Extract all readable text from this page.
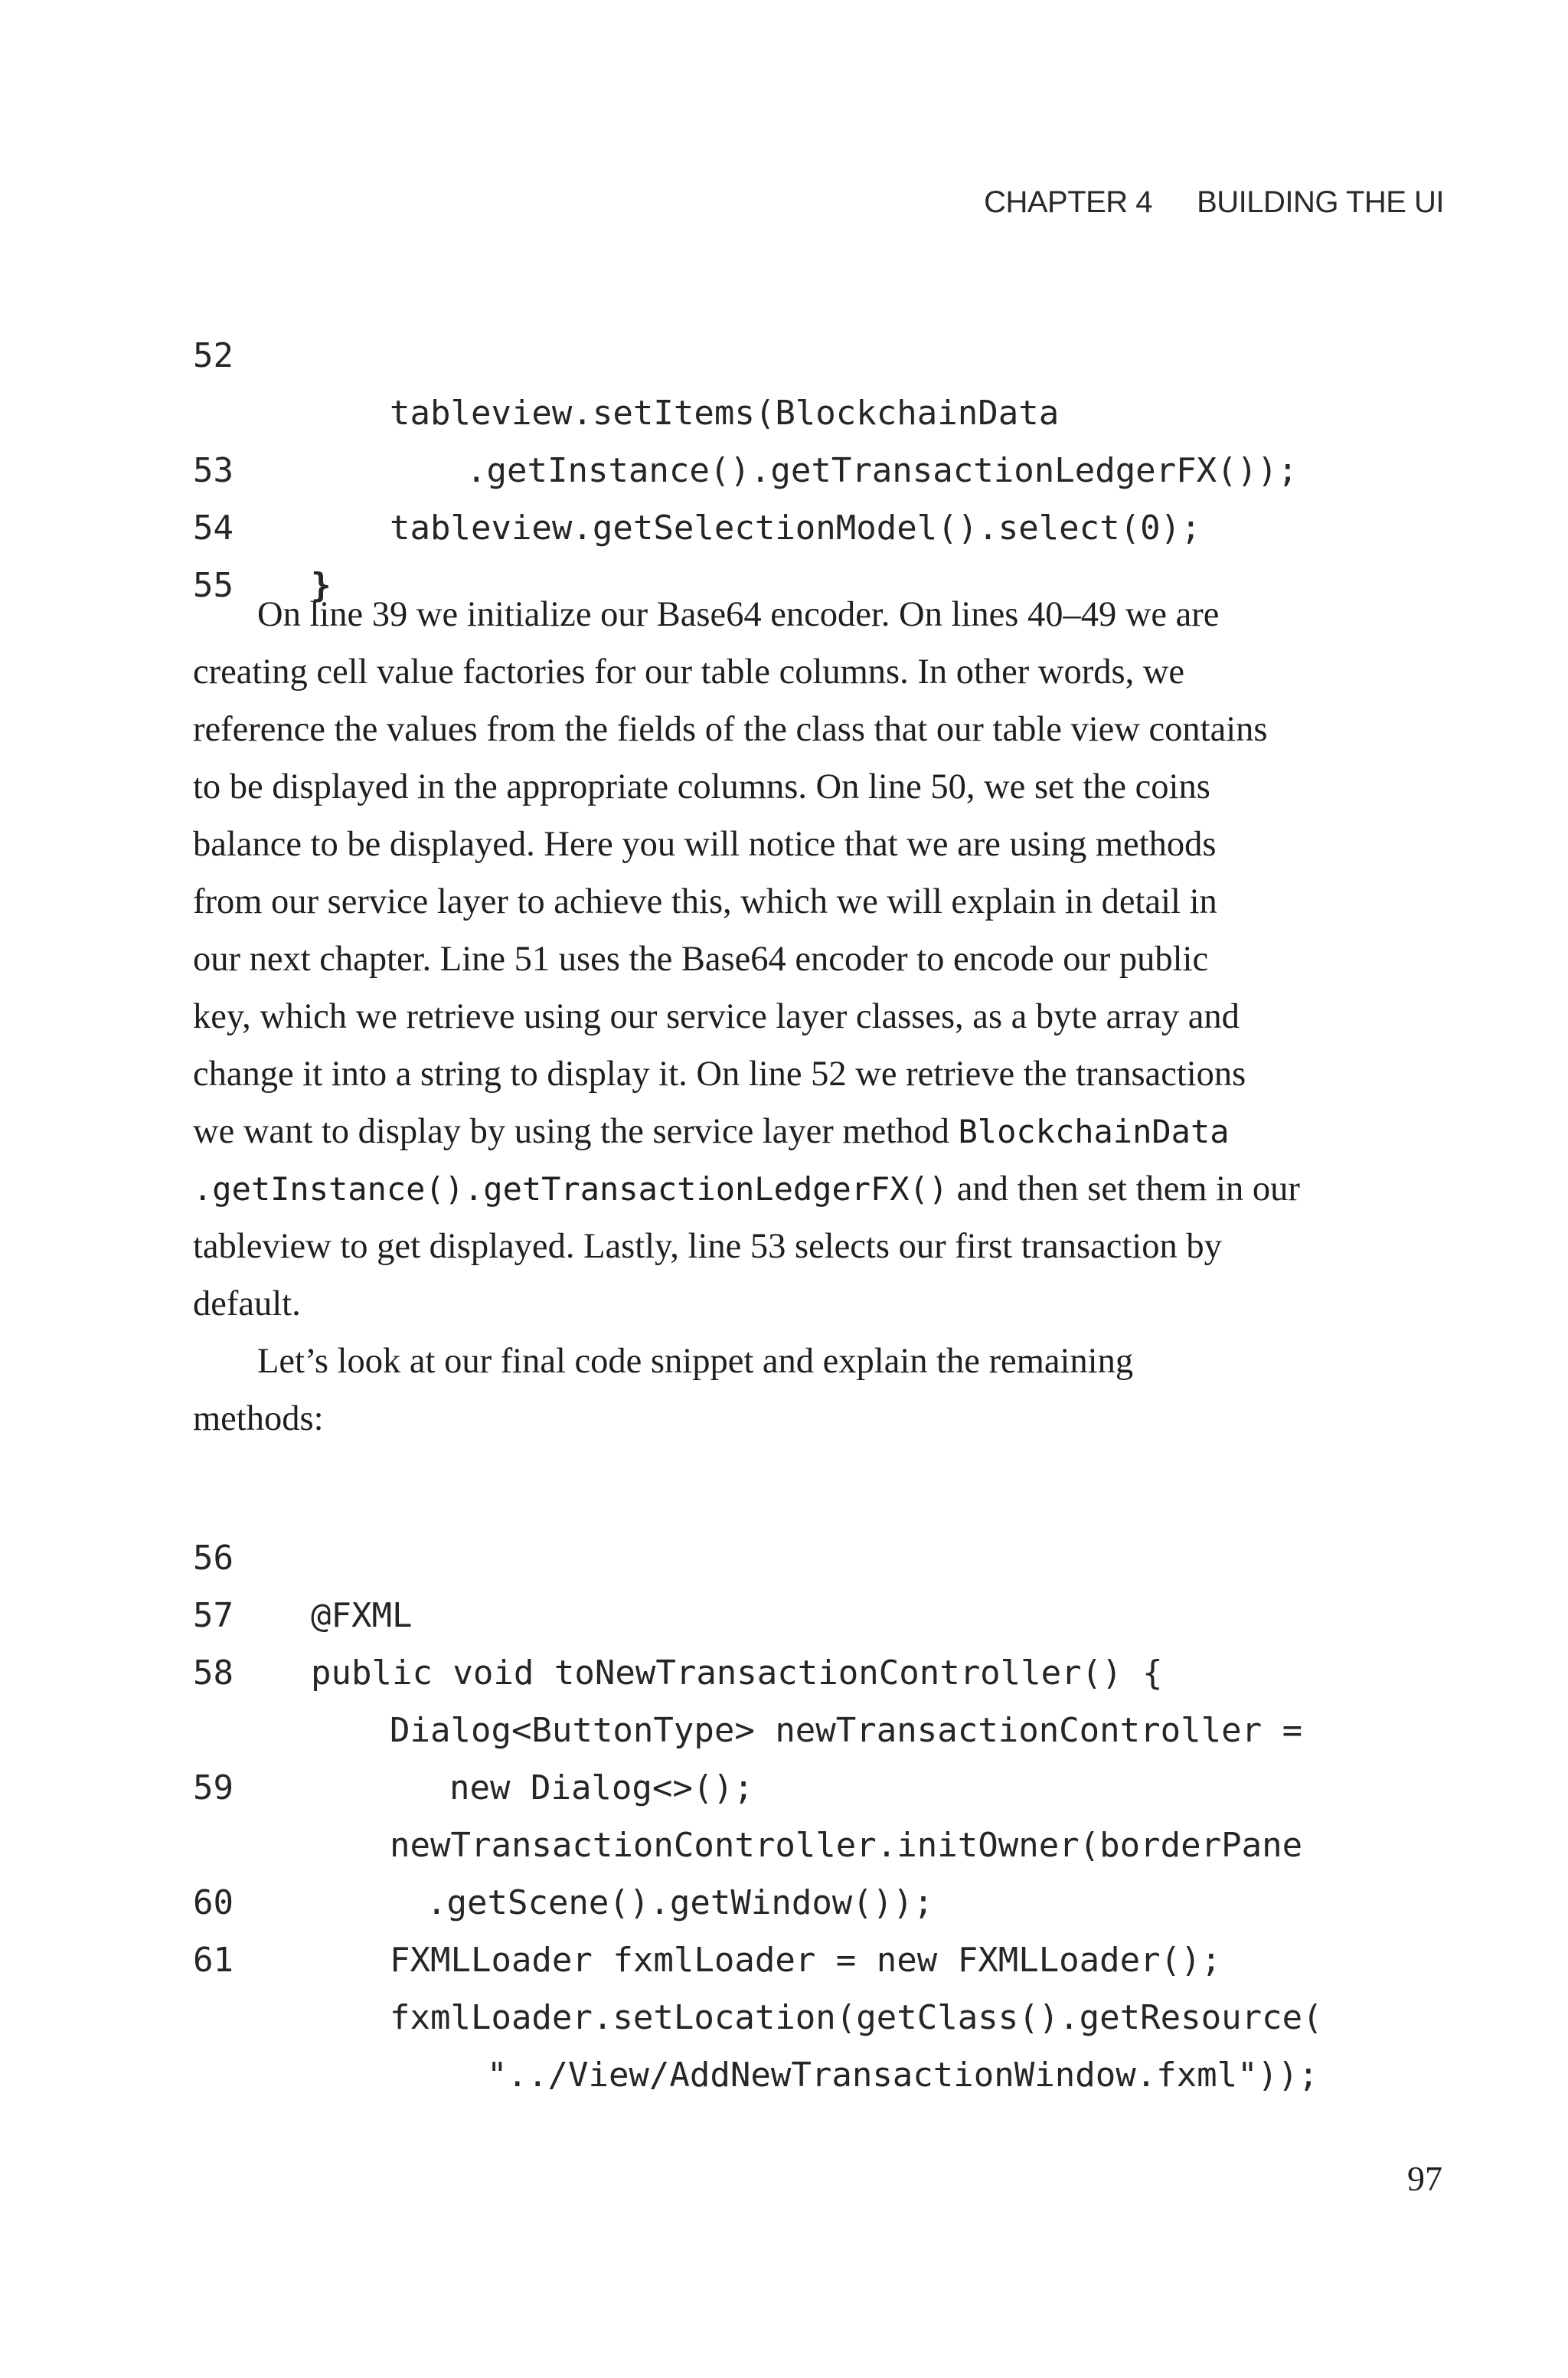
CHAPTER 4 BUILDING THE UI

52

tableview.setItems(BlockchainData

.getInstance().getTransactionLedgerFX());

53

tableview.getSelectionModel().select(0);

54

}

55

On line 39 we initialize our Base64 encoder. On lines 40–49 we are
creating cell value factories for our table columns. In other words, we
reference the values from the fields of the class that our table view contains
to be displayed in the appropriate columns. On line 50, we set the coins
balance to be displayed. Here you will notice that we are using methods
from our service layer to achieve this, which we will explain in detail in
our next chapter. Line 51 uses the Base64 encoder to encode our public
key, which we retrieve using our service layer classes, as a byte array and
change it into a string to display it. On line 52 we retrieve the transactions
we want to display by using the service layer method BlockchainData
.getInstance().getTransactionLedgerFX() and then set them in our
tableview to get displayed. Lastly, line 53 selects our first transaction by
default.
Let’s look at our final code snippet and explain the remaining
methods:

56

@FXML

57

public void toNewTransactionController() {

58

Dialog<ButtonType> newTransactionController =

new Dialog<>();

59

newTransactionController.initOwner(borderPane

.getScene().getWindow());

60

FXMLLoader fxmlLoader = new FXMLLoader();

61

fxmlLoader.setLocation(getClass().getResource(

"../View/AddNewTransactionWindow.fxml"));

97
